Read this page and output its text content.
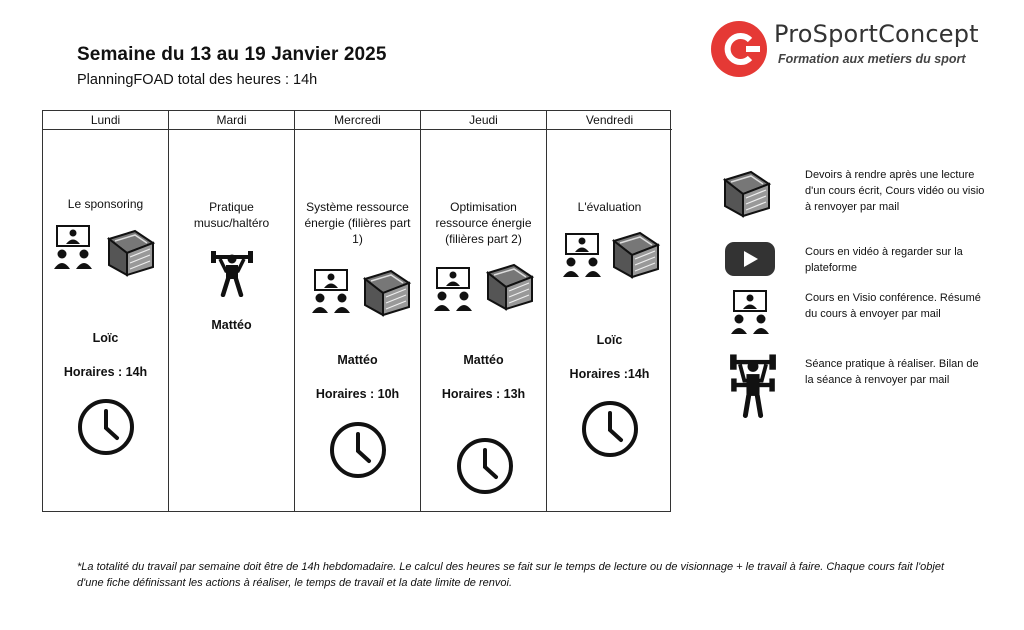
Semaine du 13 au 19 Janvier 2025
PlanningFOAD total des heures : 14h
ProSportConcept
Formation aux metiers du sport
Lundi
Le sponsoring
Loïc
Horaires : 14h
Mardi
Pratique musuc/haltéro
Mattéo
Mercredi
Système ressource énergie (filières part 1)
Mattéo
Horaires : 10h
Jeudi
Optimisation ressource énergie (filières part 2)
Mattéo
Horaires : 13h
Vendredi
L'évaluation
Loïc
Horaires :14h
Devoirs à rendre après une lecture d'un cours écrit, Cours vidéo ou visio à renvoyer par mail
Cours en vidéo à regarder sur la plateforme
Cours en Visio conférence. Résumé du cours à envoyer par mail
Séance pratique à réaliser. Bilan de la séance à renvoyer par mail
*La totalité du travail par semaine doit être de 14h hebdomadaire. Le calcul des heures se fait sur le temps de lecture ou de visionnage + le travail à faire. Chaque cours fait l'objet d'une fiche définissant les actions à réaliser, le temps de travail et la date limite de renvoi.
